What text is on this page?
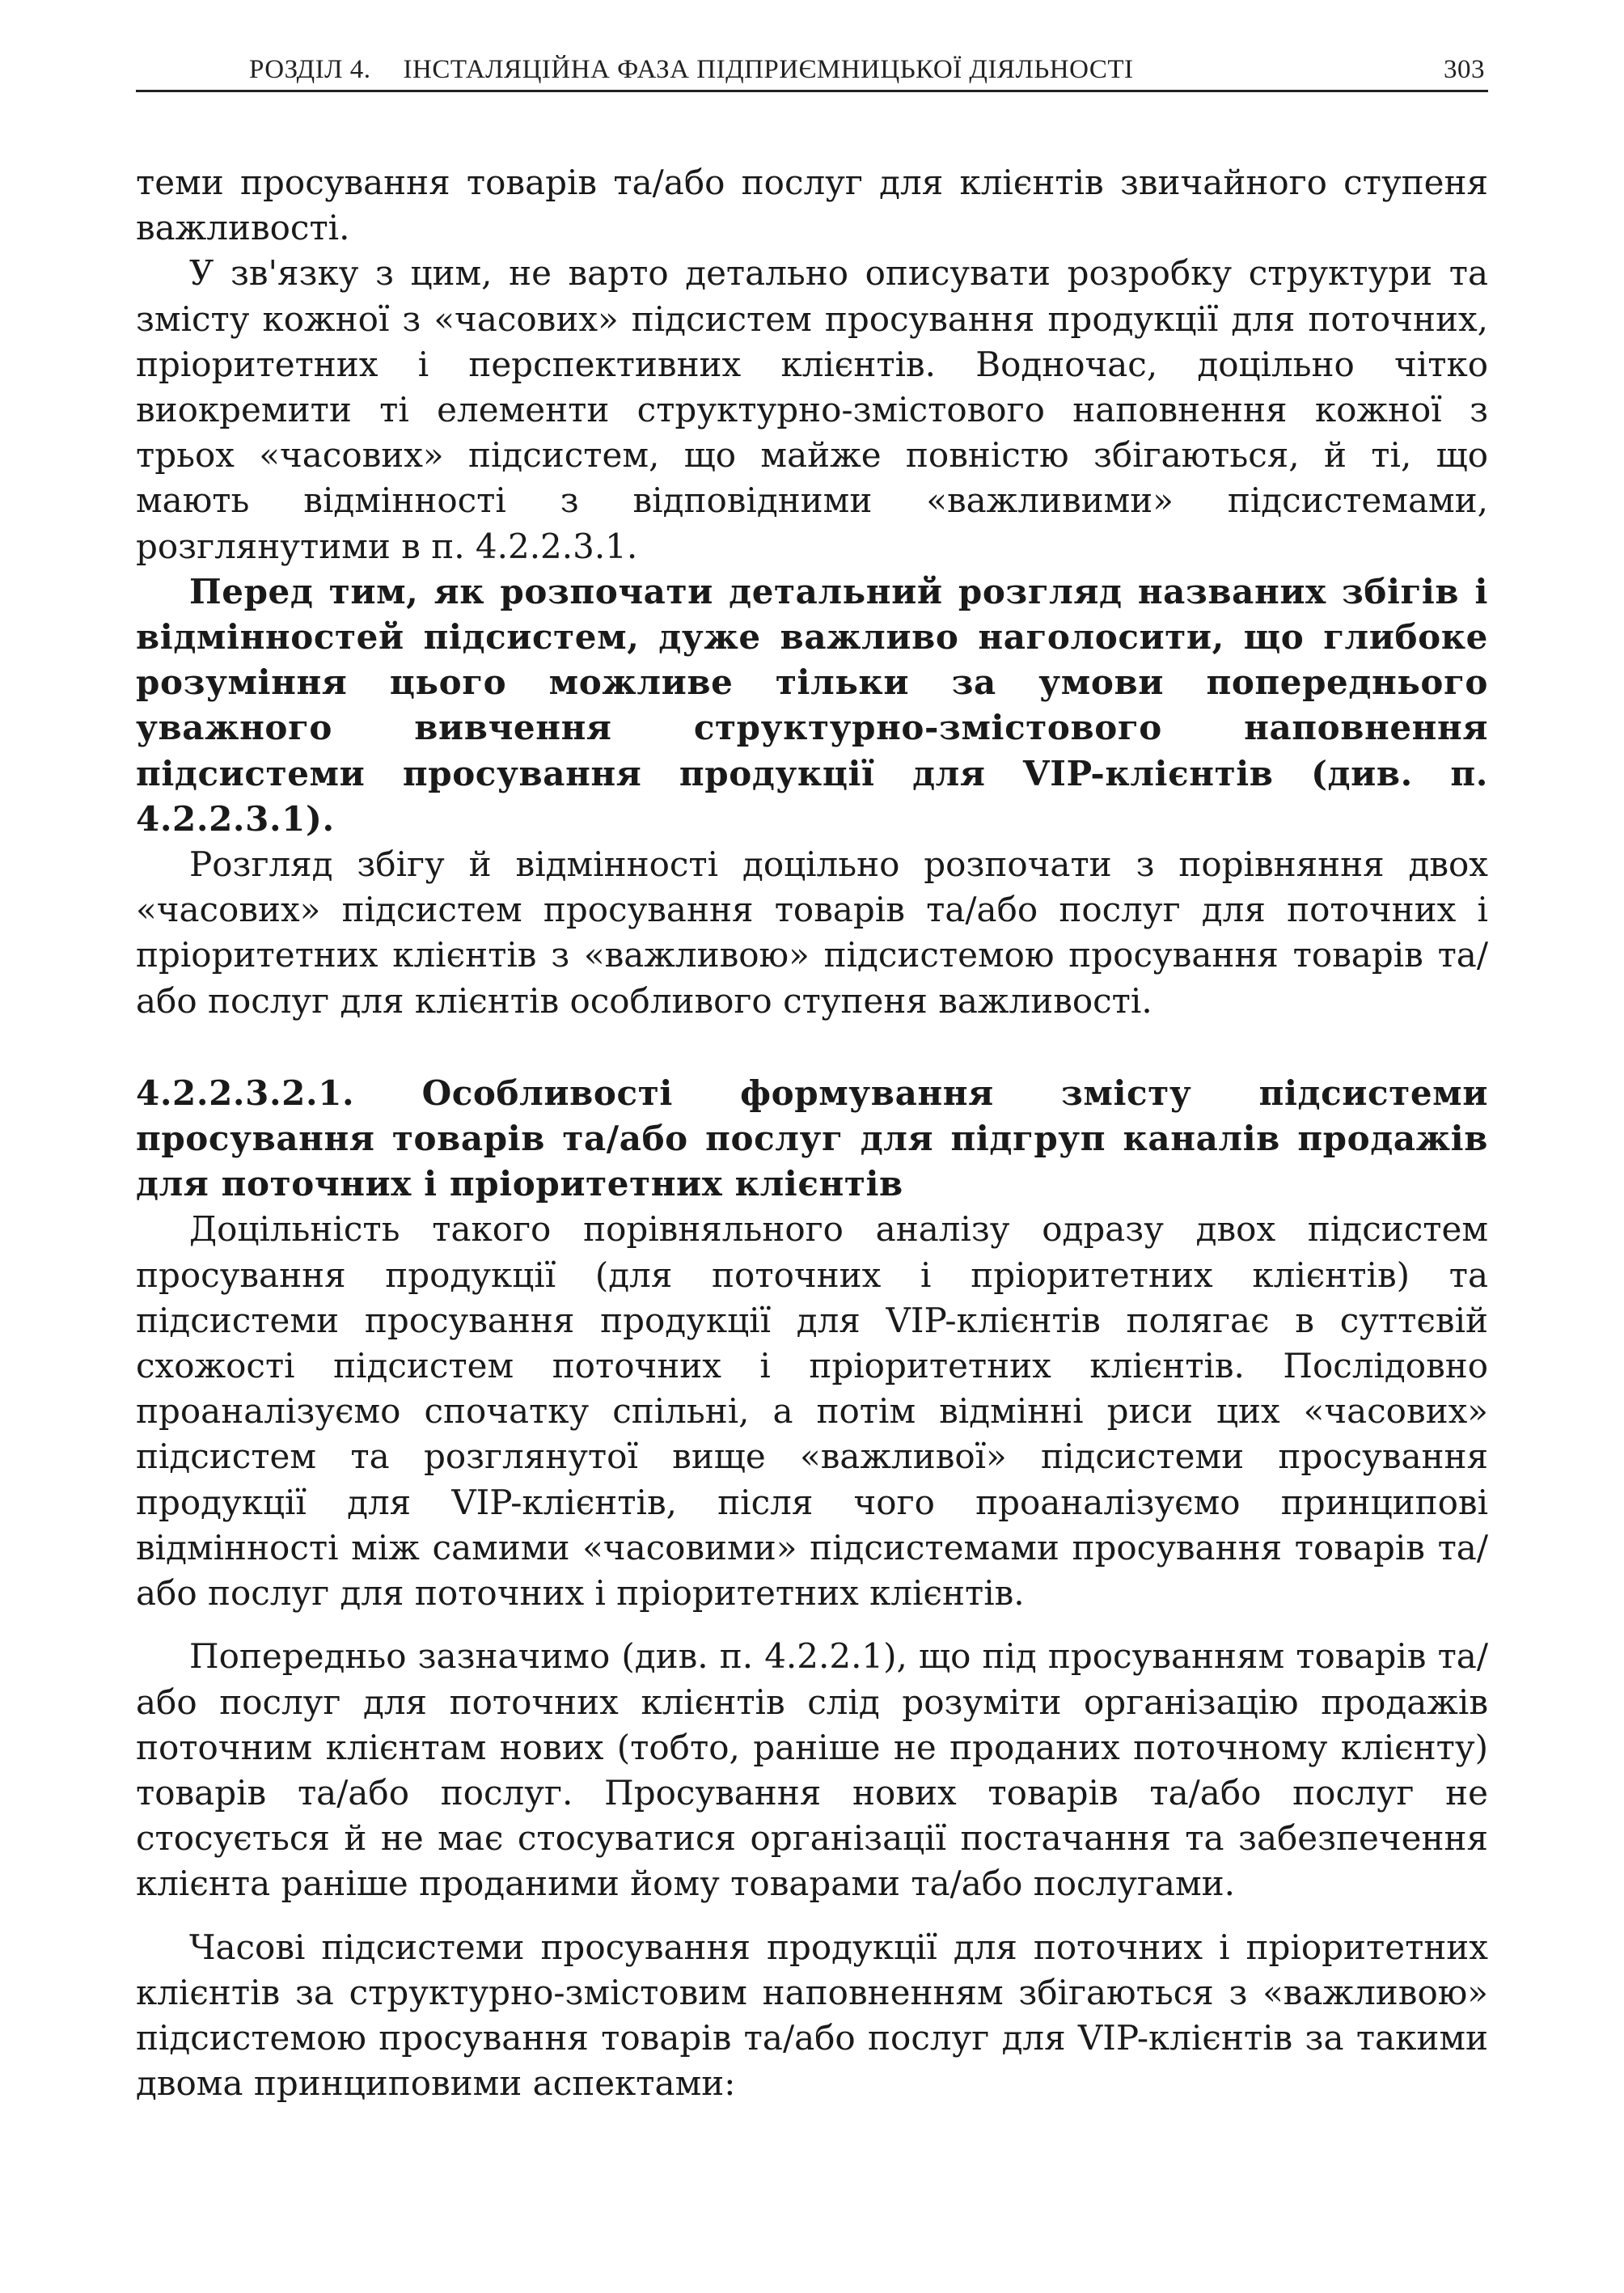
РОЗДІЛ 4. ІНСТАЛЯЦІЙНА ФАЗА ПІДПРИЄМНИЦЬКОЇ ДІЯЛЬНОСТІ	303

теми просування товарів та/або послуг для клієнтів звичайного ступеня важливості.

У зв'язку з цим, не варто детально описувати розробку структури та змісту кожної з «часових» підсистем просування продукції для поточних, пріоритетних і перспективних клієнтів. Водночас, доцільно чітко виокремити ті елементи структурно-змістового наповнення кожної з трьох «часових» підсистем, що майже повністю збігаються, й ті, що мають відмінності з відповідними «важливими» підсистемами, розглянутими в п. 4.2.2.3.1.

Перед тим, як розпочати детальний розгляд названих збігів і відмінностей підсистем, дуже важливо наголосити, що глибоке розуміння цього можливе тільки за умови попереднього уважного вивчення структурно-змістового наповнення підсистеми просування продукції для VIP-клієнтів (див. п. 4.2.2.3.1).

Розгляд збігу й відмінності доцільно розпочати з порівняння двох «часових» підсистем просування товарів та/або послуг для поточних і пріоритетних клієнтів з «важливою» підсистемою просування товарів та/або послуг для клієнтів особливого ступеня важливості.

4.2.2.3.2.1. Особливості формування змісту підсистеми просування товарів та/або послуг для підгруп каналів продажів для поточних і пріоритетних клієнтів

Доцільність такого порівняльного аналізу одразу двох підсистем просування продукції (для поточних і пріоритетних клієнтів) та підсистеми просування продукції для VIP-клієнтів полягає в суттєвій схожості підсистем поточних і пріоритетних клієнтів. Послідовно проаналізуємо спочатку спільні, а потім відмінні риси цих «часових» підсистем та розглянутої вище «важливої» підсистеми просування продукції для VIP-клієнтів, після чого проаналізуємо принципові відмінності між самими «часовими» підсистемами просування товарів та/або послуг для поточних і пріоритетних клієнтів.

Попередньо зазначимо (див. п. 4.2.2.1), що під просуванням товарів та/або послуг для поточних клієнтів слід розуміти організацію продажів поточним клієнтам нових (тобто, раніше не проданих поточному клієнту) товарів та/або послуг. Просування нових товарів та/або послуг не стосується й не має стосуватися організації постачання та забезпечення клієнта раніше проданими йому товарами та/або послугами.

Часові підсистеми просування продукції для поточних і пріоритетних клієнтів за структурно-змістовим наповненням збігаються з «важливою» підсистемою просування товарів та/або послуг для VIP-клієнтів за такими двома принциповими аспектами:
